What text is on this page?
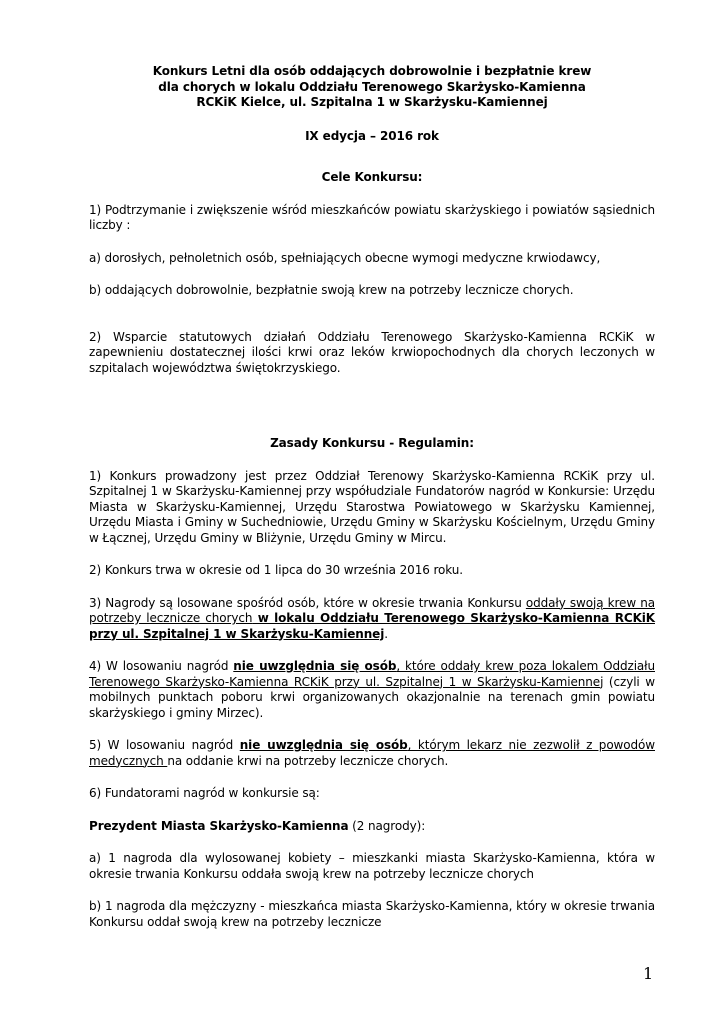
Konkurs Letni dla osób oddających dobrowolnie i bezpłatnie krew
dla chorych w lokalu Oddziału Terenowego Skarżysko-Kamienna
RCKiK Kielce, ul. Szpitalna 1 w Skarżysku-Kamiennej
IX edycja – 2016 rok
Cele Konkursu:

1) Podtrzymanie i zwiększenie wśród mieszkańców powiatu skarżyskiego i powiatów sąsiednich liczby :

a) dorosłych, pełnoletnich osób, spełniających obecne wymogi medyczne krwiodawcy,

b) oddających dobrowolnie, bezpłatnie swoją krew na potrzeby lecznicze chorych.

2) Wsparcie statutowych działań Oddziału Terenowego Skarżysko-Kamienna RCKiK w zapewnieniu dostatecznej ilości krwi oraz leków krwiopochodnych dla chorych leczonych w szpitalach województwa świętokrzyskiego.

Zasady Konkursu - Regulamin:

1) Konkurs prowadzony jest przez Oddział Terenowy Skarżysko-Kamienna RCKiK przy ul. Szpitalnej 1 w Skarżysku-Kamiennej przy współudziale Fundatorów nagród w Konkursie: Urzędu Miasta w Skarżysku-Kamiennej, Urzędu Starostwa Powiatowego w Skarżysku Kamiennej, Urzędu Miasta i Gminy w Suchedniowie, Urzędu Gminy w Skarżysku Kościelnym, Urzędu Gminy w Łącznej, Urzędu Gminy w Bliżynie, Urzędu Gminy w Mircu.

2) Konkurs trwa w okresie od 1 lipca do 30 września 2016 roku.

3) Nagrody są losowane spośród osób, które w okresie trwania Konkursu oddały swoją krew na potrzeby lecznicze chorych w lokalu Oddziału Terenowego Skarżysko-Kamienna RCKiK przy ul. Szpitalnej 1 w Skarżysku-Kamiennej.

4) W losowaniu nagród nie uwzględnia się osób, które oddały krew poza lokalem Oddziału Terenowego Skarżysko-Kamienna RCKiK przy ul. Szpitalnej 1 w Skarżysku-Kamiennej (czyli w mobilnych punktach poboru krwi organizowanych okazjonalnie na terenach gmin powiatu skarżyskiego i gminy Mirzec).

5) W losowaniu nagród nie uwzględnia się osób, którym lekarz nie zezwolił z powodów medycznych na oddanie krwi na potrzeby lecznicze chorych.

6) Fundatorami nagród w konkursie są:

Prezydent Miasta Skarżysko-Kamienna (2 nagrody):

a) 1 nagroda dla wylosowanej kobiety – mieszkanki miasta Skarżysko-Kamienna, która w okresie trwania Konkursu oddała swoją krew na potrzeby lecznicze chorych

b) 1 nagroda dla mężczyzny - mieszkańca miasta Skarżysko-Kamienna, który w okresie trwania Konkursu oddał swoją krew na potrzeby lecznicze

1
